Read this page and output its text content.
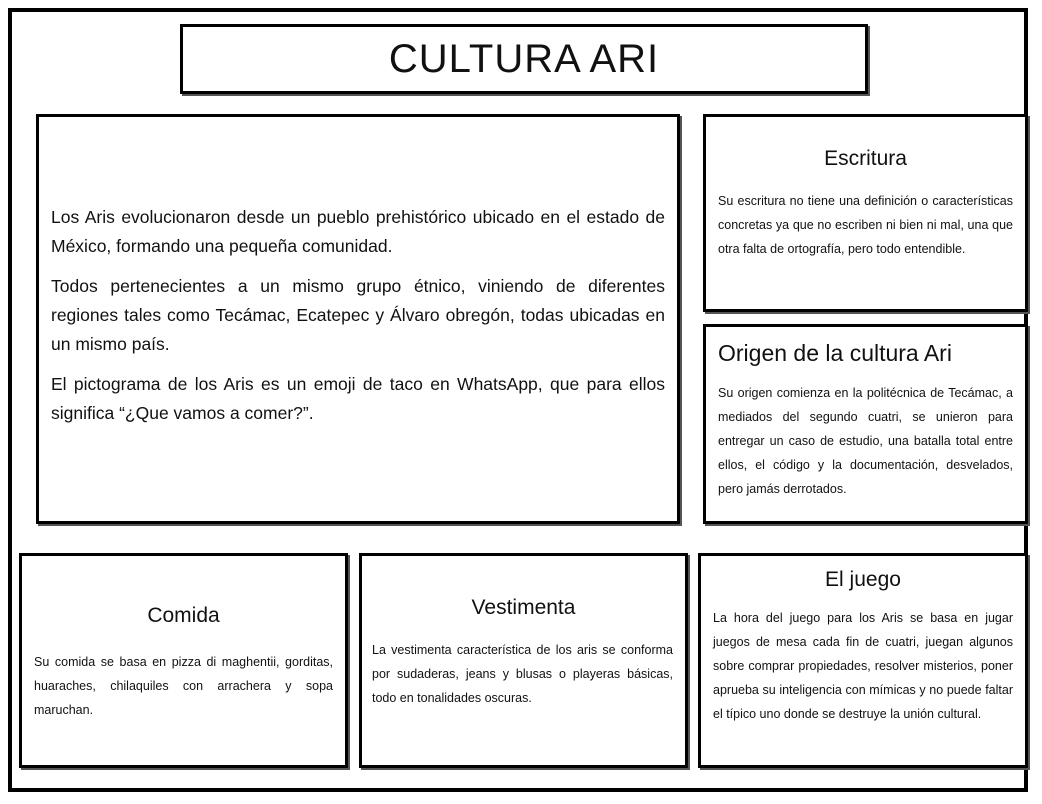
CULTURA ARI

Los Aris evolucionaron desde un pueblo prehistórico ubicado en el estado de México, formando una pequeña comunidad.

Todos pertenecientes a un mismo grupo étnico, viniendo de diferentes regiones tales como Tecámac, Ecatepec y Álvaro obregón, todas ubicadas en un mismo país.

El pictograma de los Aris es un emoji de taco en WhatsApp, que para ellos significa “¿Que vamos a comer?”.

Escritura

Su escritura no tiene una definición o características concretas ya que no escriben ni bien ni mal, una que otra falta de ortografía, pero todo entendible.

Origen de la cultura Ari

Su origen comienza en la politécnica de Tecámac, a mediados del segundo cuatri, se unieron para entregar un caso de estudio, una batalla total entre ellos, el código y la documentación, desvelados, pero jamás derrotados.

Comida

Su comida se basa en pizza di maghentii, gorditas, huaraches, chilaquiles con arrachera y sopa maruchan.

Vestimenta

La vestimenta característica de los aris se conforma por sudaderas, jeans y blusas o playeras básicas, todo en tonalidades oscuras.

El juego

La hora del juego para los Aris se basa en jugar juegos de mesa cada fin de cuatri, juegan algunos sobre comprar propiedades, resolver misterios, poner aprueba su inteligencia con mímicas y no puede faltar el típico uno donde se destruye la unión cultural.
